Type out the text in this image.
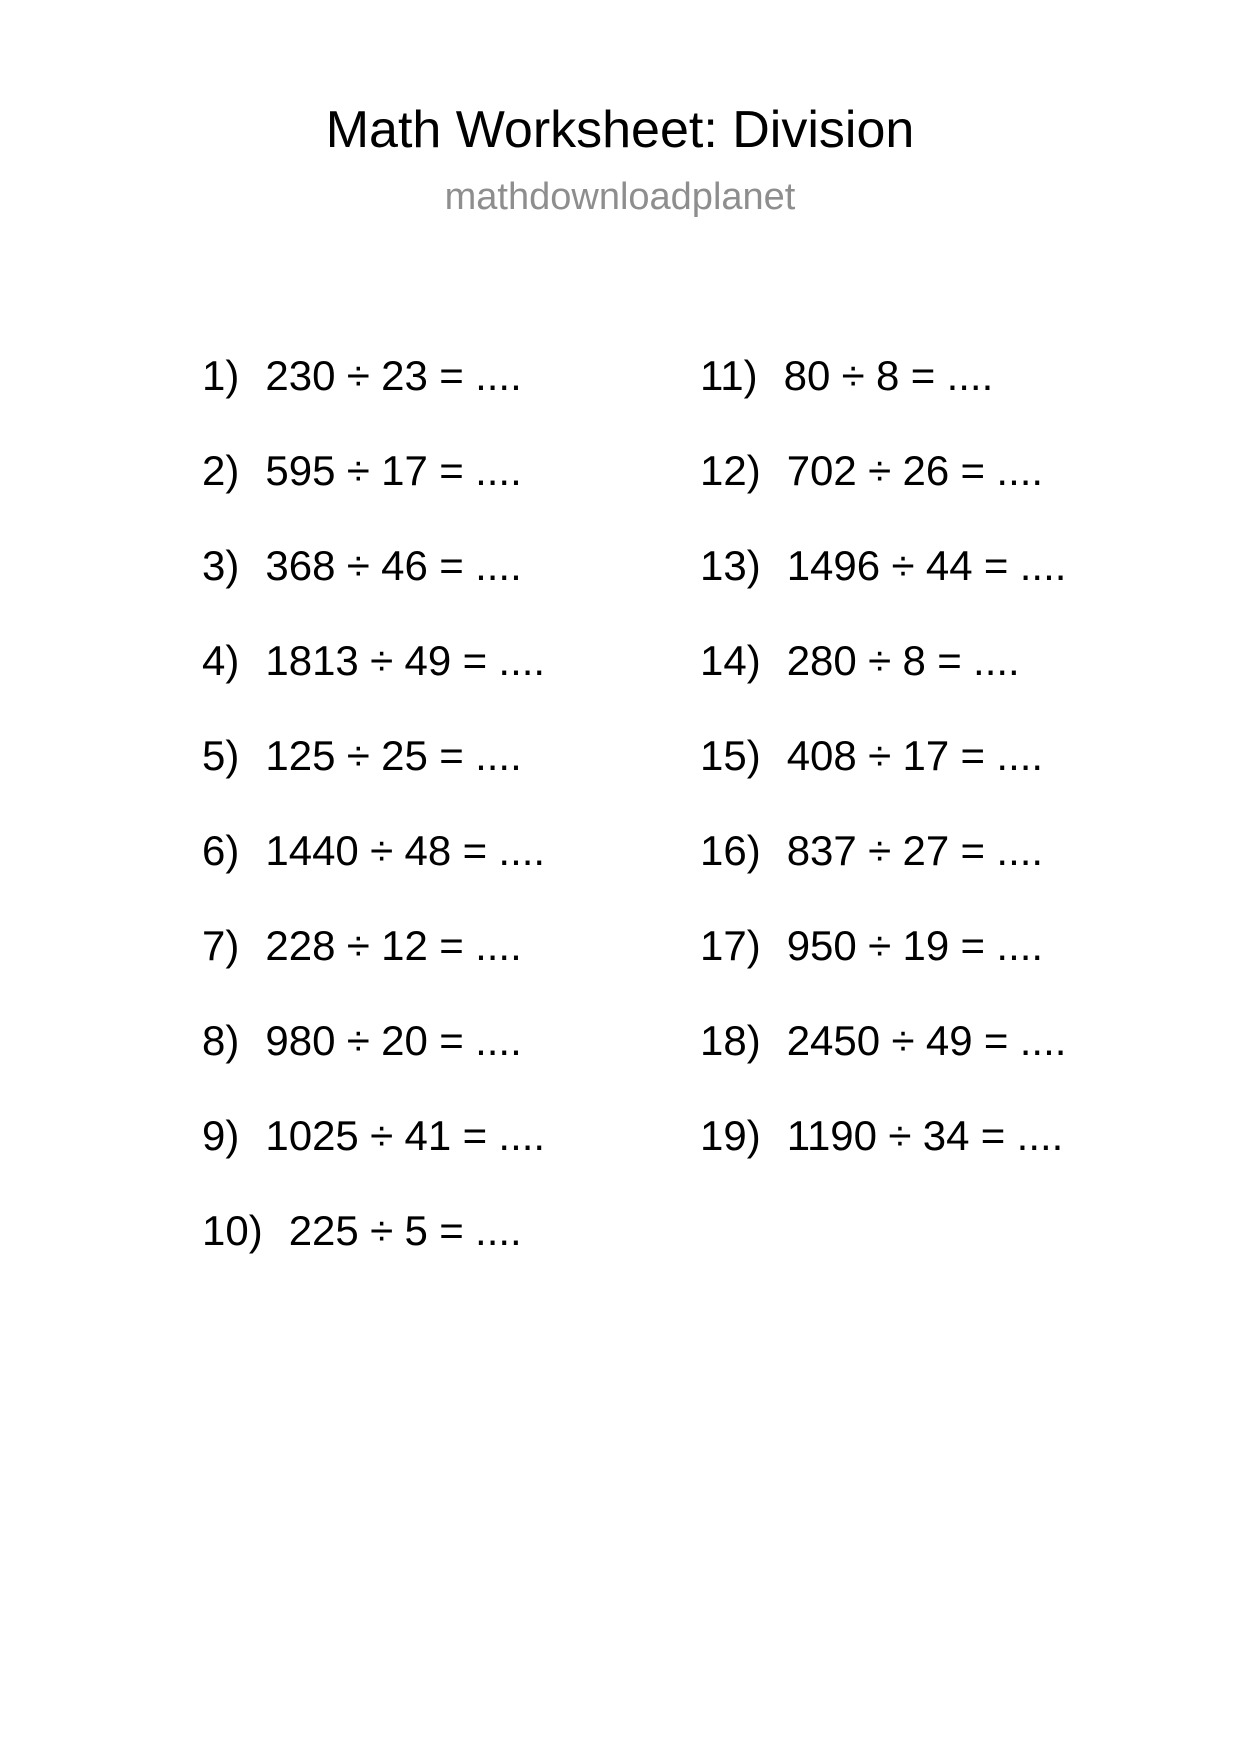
Math Worksheet: Division
mathdownloadplanet
1) 230 ÷ 23 = ....
2) 595 ÷ 17 = ....
3) 368 ÷ 46 = ....
4) 1813 ÷ 49 = ....
5) 125 ÷ 25 = ....
6) 1440 ÷ 48 = ....
7) 228 ÷ 12 = ....
8) 980 ÷ 20 = ....
9) 1025 ÷ 41 = ....
10) 225 ÷ 5 = ....
11) 80 ÷ 8 = ....
12) 702 ÷ 26 = ....
13) 1496 ÷ 44 = ....
14) 280 ÷ 8 = ....
15) 408 ÷ 17 = ....
16) 837 ÷ 27 = ....
17) 950 ÷ 19 = ....
18) 2450 ÷ 49 = ....
19) 1190 ÷ 34 = ....
